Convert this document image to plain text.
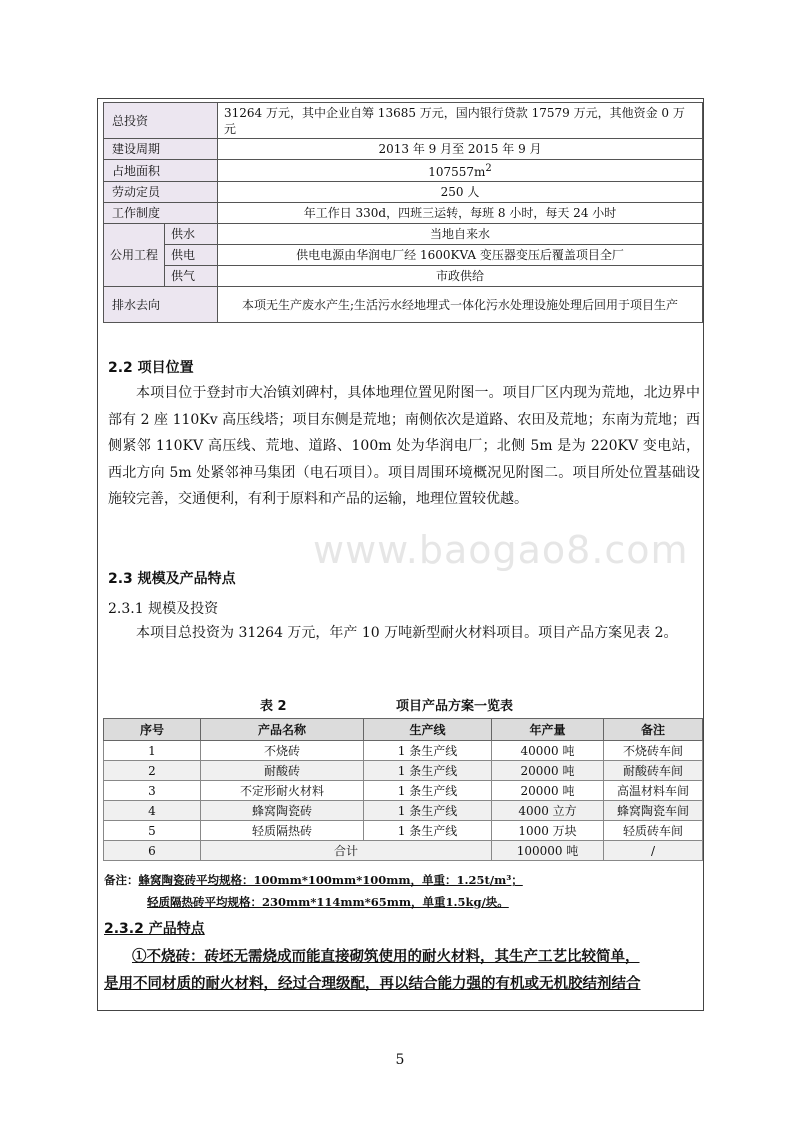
总投资		31264 万元，其中企业自筹 13685 万元，国内银行贷款 17579 万元，其他资金 0 万元
建设周期		2013 年 9 月至 2015 年 9 月
占地面积		$107557m^2$
劳动定员		250 人
工作制度		年工作日 330d，四班三运转，每班 8 小时，每天 24 小时
公用工程	供水	当地自来水
	供电	供电电源由华润电厂经 1600KVA 变压器变压后覆盖项目全厂
	供气	市政供给
排水去向		本项无生产废水产生;生活污水经地埋式一体化污水处理设施处理后回用于项目生产
2.2 项目位置

本项目位于登封市大冶镇刘碑村，具体地理位置见附图一。项目厂区内现为荒地，北边界中部有 2 座 110Kv 高压线塔；项目东侧是荒地；南侧依次是道路、农田及荒地；东南为荒地；西侧紧邻 110KV 高压线、荒地、道路、100m 处为华润电厂；北侧 5m 是为 220KV 变电站，西北方向 5m 处紧邻神马集团（电石项目）。项目周围环境概况见附图二。项目所处位置基础设施较完善，交通便利，有利于原料和产品的运输，地理位置较优越。

www.baogao8.com
2.3 规模及产品特点
2.3.1 规模及投资

本项目总投资为 31264 万元，年产 10 万吨新型耐火材料项目。项目产品方案见表 2。

表 2	项目产品方案一览表
序号	产品名称	生产线	年产量	备注
1	不烧砖	1 条生产线	40000 吨	不烧砖车间
2	耐酸砖	1 条生产线	20000 吨	耐酸砖车间
3	不定形耐火材料	1 条生产线	20000 吨	高温材料车间
4	蜂窝陶瓷砖	1 条生产线	4000 立方	蜂窝陶瓷车间
5	轻质隔热砖	1 条生产线	1000 万块	轻质砖车间
6	合计		100000 吨	/
备注：蜂窝陶瓷砖平均规格：100mm*100mm*100mm，单重：1.25t/m³；
轻质隔热砖平均规格：230mm*114mm*65mm，单重1.5kg/块。
2.3.2 产品特点
①不烧砖：砖坯无需烧成而能直接砌筑使用的耐火材料，其生产工艺比较简单，
是用不同材质的耐火材料，经过合理级配，再以结合能力强的有机或无机胶结剂结合
5
